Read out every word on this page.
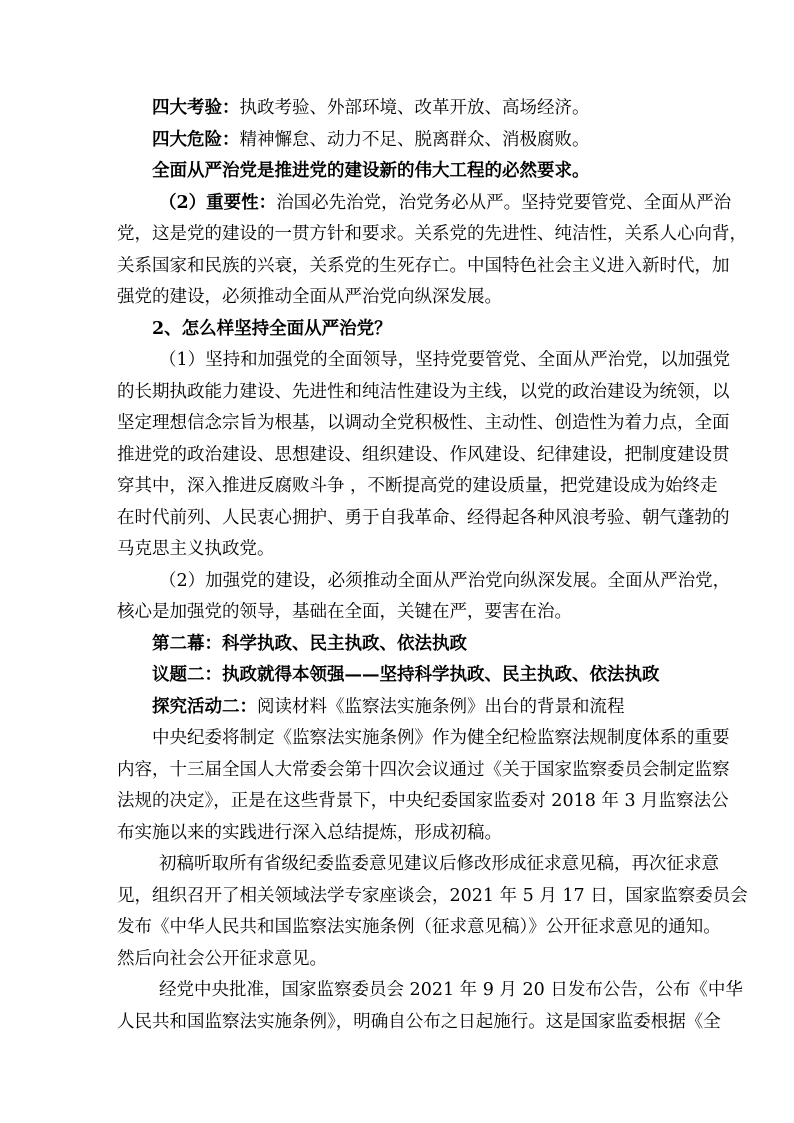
四大考验：执政考验、外部环境、改革开放、高场经济。
四大危险：精神懈怠、动力不足、脱离群众、消极腐败。
全面从严治党是推进党的建设新的伟大工程的必然要求。
（2）重要性：治国必先治党，治党务必从严。坚持党要管党、全面从严治
党，这是党的建设的一贯方针和要求。关系党的先进性、纯洁性，关系人心向背，
关系国家和民族的兴衰，关系党的生死存亡。中国特色社会主义进入新时代，加
强党的建设，必须推动全面从严治党向纵深发展。
2、怎么样坚持全面从严治党？
（1）坚持和加强党的全面领导，坚持党要管党、全面从严治党，以加强党
的长期执政能力建设、先进性和纯洁性建设为主线，以党的政治建设为统领，以
坚定理想信念宗旨为根基，以调动全党积极性、主动性、创造性为着力点，全面
推进党的政治建设、思想建设、组织建设、作风建设、纪律建设，把制度建设贯
穿其中，深入推进反腐败斗争 ，不断提高党的建设质量，把党建设成为始终走
在时代前列、人民衷心拥护、勇于自我革命、经得起各种风浪考验、朝气蓬勃的
马克思主义执政党。
（2）加强党的建设，必须推动全面从严治党向纵深发展。全面从严治党，
核心是加强党的领导，基础在全面，关键在严，要害在治。
第二幕：科学执政、民主执政、依法执政
议题二：执政就得本领强——坚持科学执政、民主执政、依法执政
探究活动二：阅读材料《监察法实施条例》出台的背景和流程
中央纪委将制定《监察法实施条例》作为健全纪检监察法规制度体系的重要
内容，十三届全国人大常委会第十四次会议通过《关于国家监察委员会制定监察
法规的决定》，正是在这些背景下，中央纪委国家监委对 2018 年 3 月监察法公
布实施以来的实践进行深入总结提炼，形成初稿。
初稿听取所有省级纪委监委意见建议后修改形成征求意见稿，再次征求意
见，组织召开了相关领域法学专家座谈会，2021 年 5 月 17 日，国家监察委员会
发布《中华人民共和国监察法实施条例（征求意见稿）》公开征求意见的通知。
然后向社会公开征求意见。
经党中央批准，国家监察委员会 2021 年 9 月 20 日发布公告，公布《中华
人民共和国监察法实施条例》，明确自公布之日起施行。这是国家监委根据《全
